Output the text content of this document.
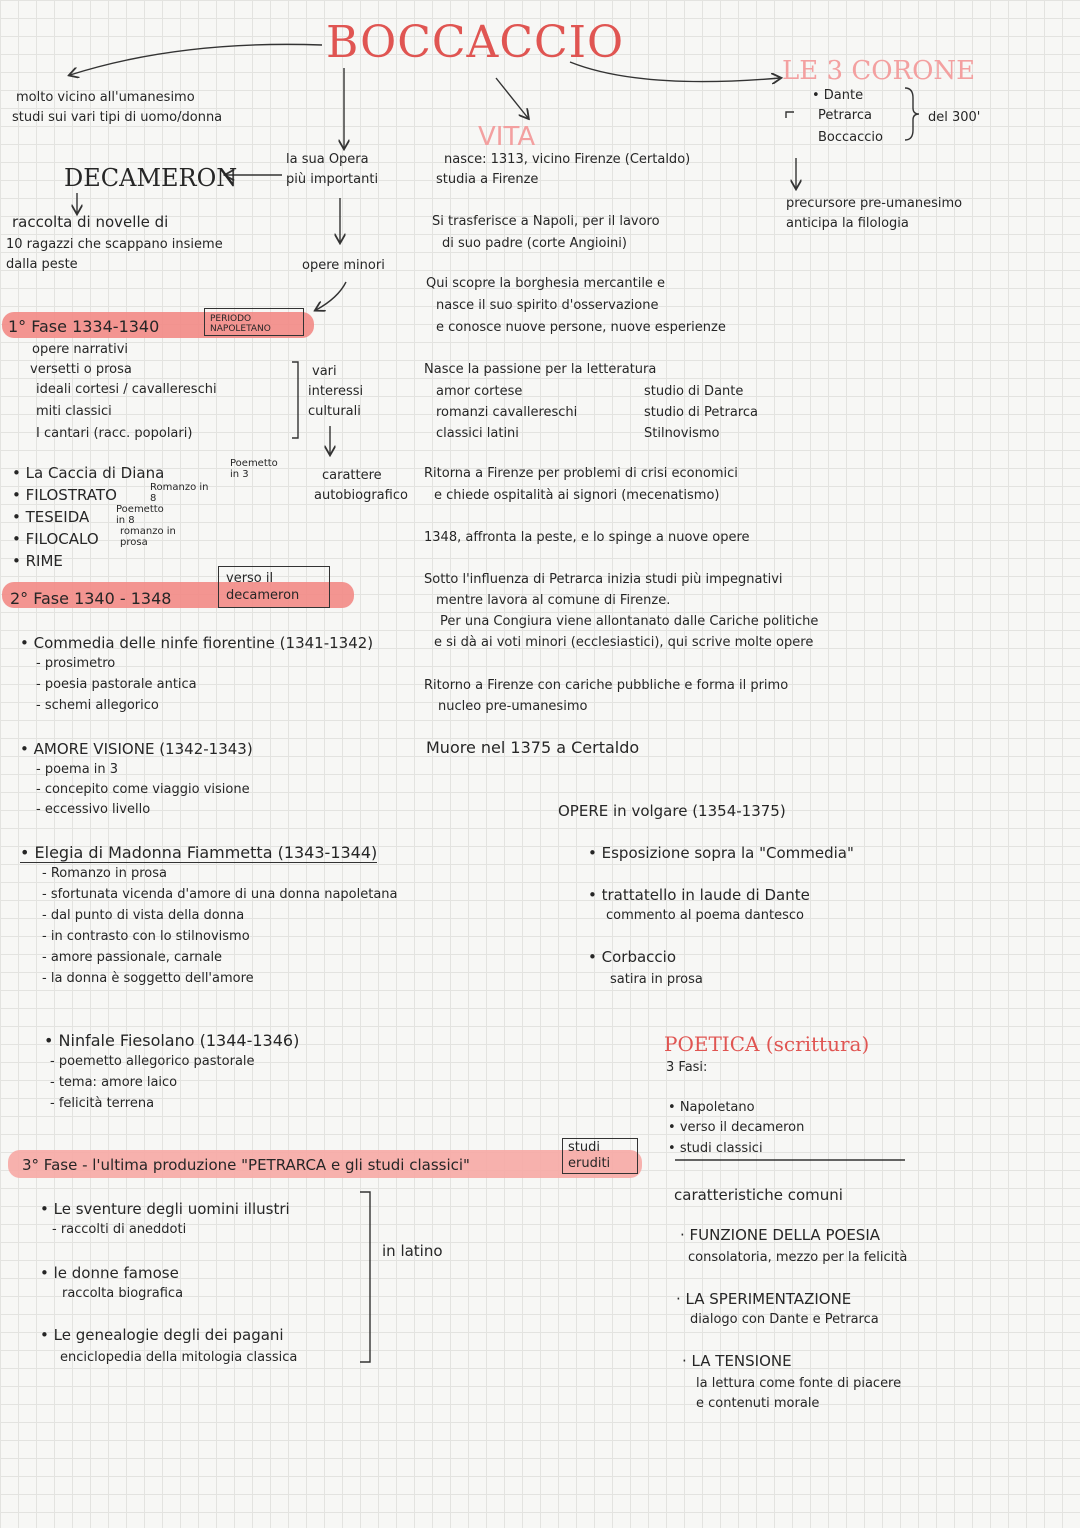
BOCCACCIO
molto vicino all'umanesimo
studi sui vari tipi di uomo/donna
DECAMERON
la sua Opera
più importanti
raccolta di novelle di
10 ragazzi che scappano insieme
dalla peste	opere minori
LE 3 CORONE
• Dante
Petrarca
Boccaccio
del 300'
precursore pre-umanesimo
anticipa la filologia
VITA
nasce: 1313, vicino Firenze (Certaldo)
studia a Firenze
Si trasferisce a Napoli, per il lavoro
di suo padre (corte Angioini)
Qui scopre la borghesia mercantile e
nasce il suo spirito d'osservazione
e conosce nuove persone, nuove esperienze
Nasce la passione per la letteratura
amor cortese
romanzi cavallereschi
classici latini
studio di Dante
studio di Petrarca
Stilnovismo
Ritorna a Firenze per problemi di crisi economici
e chiede ospitalità ai signori (mecenatismo)
1348, affronta la peste, e lo spinge a nuove opere
Sotto l'influenza di Petrarca inizia studi più impegnativi
mentre lavora al comune di Firenze.
Per una Congiura viene allontanato dalle Cariche politiche
e si dà ai voti minori (ecclesiastici), qui scrive molte opere
Ritorno a Firenze con cariche pubbliche e forma il primo
nucleo pre-umanesimo
Muore nel 1375 a Certaldo
1° Fase 1334-1340	PERIODO NAPOLETANO
opere narrativi
versetti o prosa
ideali cortesi / cavallereschi
miti classici
I cantari (racc. popolari)
vari
interessi
culturali
carattere
autobiografico
• La Caccia di Diana
Poemetto in 3
• FILOSTRATO	Romanzo in 8
• TESEIDA	Poemetto in 8
• FILOCALO romanzo in prosa
• RIME
2° Fase 1340 - 1348
verso il decameron
• Commedia delle ninfe fiorentine (1341-1342)
- prosimetro
- poesia pastorale antica
- schemi allegorico
• AMORE VISIONE (1342-1343)
- poema in 3
- concepito come viaggio visione
- eccessivo livello
• Elegia di Madonna Fiammetta (1343-1344)
- Romanzo in prosa
- sfortunata vicenda d'amore di una donna napoletana
- dal punto di vista della donna
- in contrasto con lo stilnovismo
- amore passionale, carnale
- la donna è soggetto dell'amore
• Ninfale Fiesolano (1344-1346)
- poemetto allegorico pastorale
- tema: amore laico
- felicità terrena
OPERE in volgare (1354-1375)
• Esposizione sopra la "Commedia"
• trattatello in laude di Dante
commento al poema dantesco
• Corbaccio
satira in prosa
3° Fase - l'ultima produzione "PETRARCA e gli studi classici"
studi eruditi
• Le sventure degli uomini illustri
- raccolti di aneddoti
• le donne famose
raccolta biografica
• Le genealogie degli dei pagani
enciclopedia della mitologia classica
in latino
POETICA (scrittura)
3 Fasi:
• Napoletano
• verso il decameron
• studi classici
caratteristiche comuni
· FUNZIONE DELLA POESIA
consolatoria, mezzo per la felicità
· LA SPERIMENTAZIONE
dialogo con Dante e Petrarca
· LA TENSIONE
la lettura come fonte di piacere
e contenuti morale
